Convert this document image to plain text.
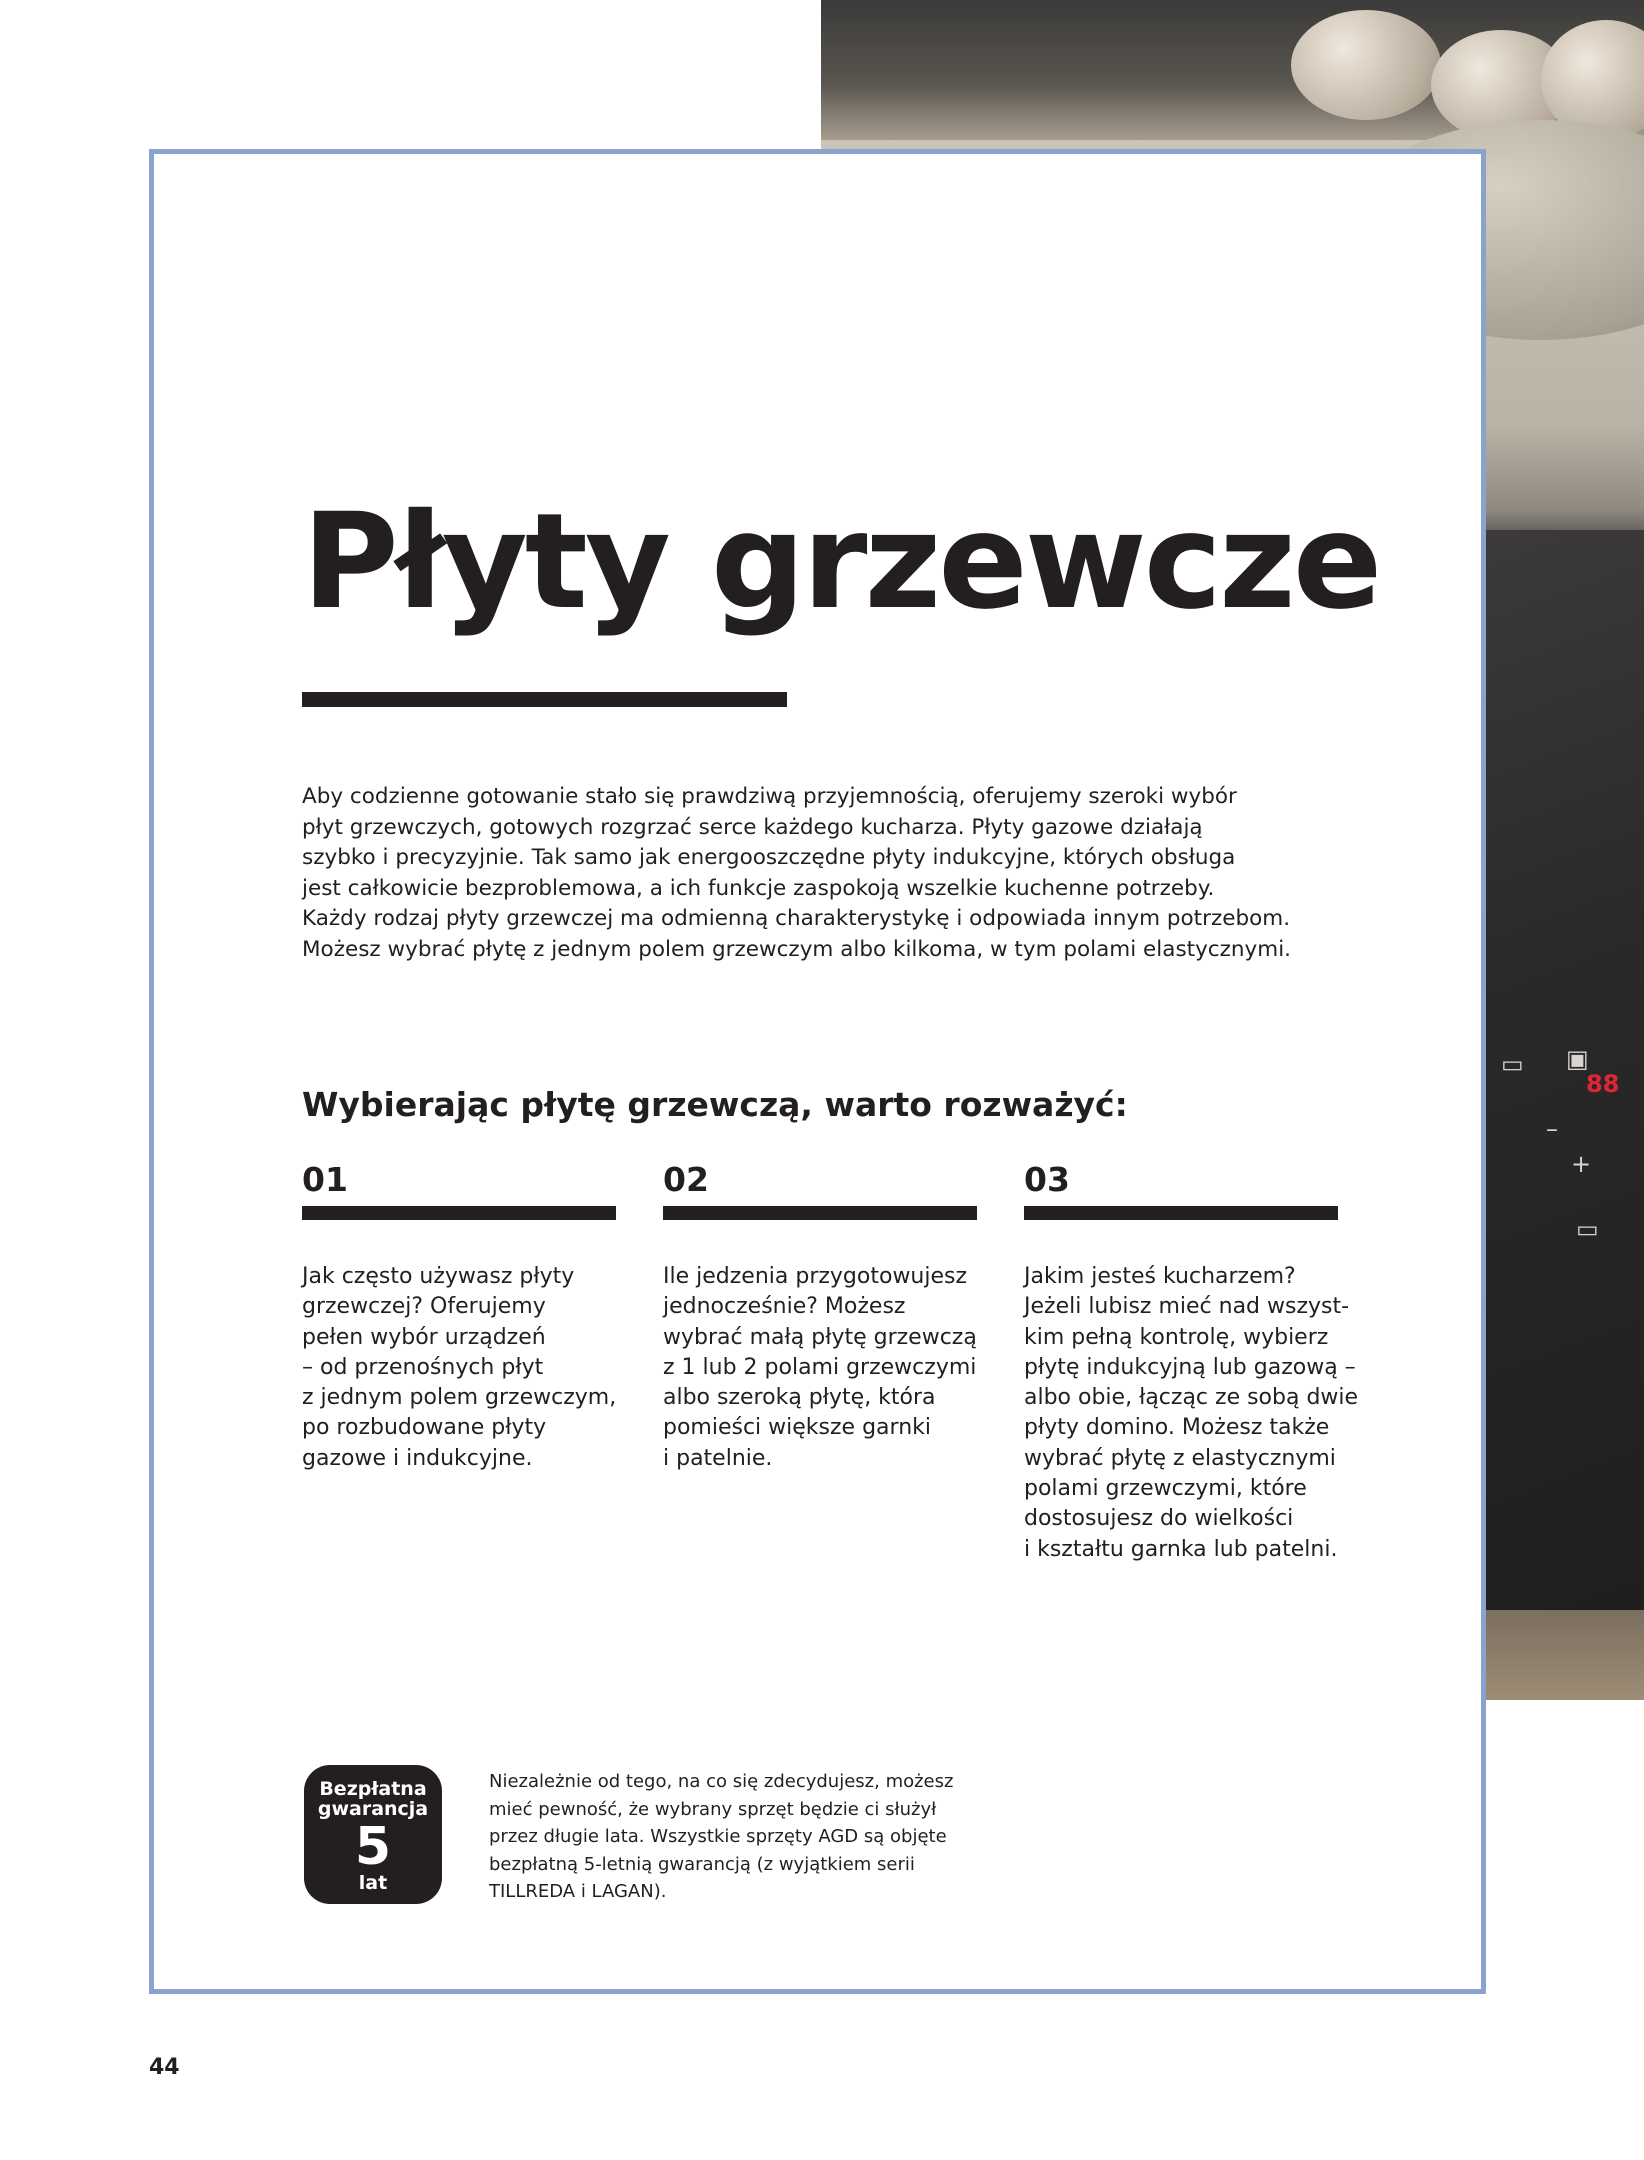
▭ ▣
88
–
+
▭
Płyty grzewcze

Aby codzienne gotowanie stało się prawdziwą przyjemnością, oferujemy szeroki wybór
płyt grzewczych, gotowych rozgrzać serce każdego kucharza. Płyty gazowe działają
szybko i precyzyjnie. Tak samo jak energooszczędne płyty indukcyjne, których obsługa
jest całkowicie bezproblemowa, a ich funkcje zaspokoją wszelkie kuchenne potrzeby.
Każdy rodzaj płyty grzewczej ma odmienną charakterystykę i odpowiada innym potrzebom.
Możesz wybrać płytę z jednym polem grzewczym albo kilkoma, w tym polami elastycznymi.

Wybierając płytę grzewczą, warto rozważyć:
01
Jak często używasz płyty
grzewczej? Oferujemy
pełen wybór urządzeń
– od przenośnych płyt
z jednym polem grzewczym,
po rozbudowane płyty
gazowe i indukcyjne.
02
Ile jedzenia przygotowujesz
jednocześnie? Możesz
wybrać małą płytę grzewczą
z 1 lub 2 polami grzewczymi
albo szeroką płytę, która
pomieści większe garnki
i patelnie.
03
Jakim jesteś kucharzem?
Jeżeli lubisz mieć nad wszyst-
kim pełną kontrolę, wybierz
płytę indukcyjną lub gazową –
albo obie, łącząc ze sobą dwie
płyty domino. Możesz także
wybrać płytę z elastycznymi
polami grzewczymi, które
dostosujesz do wielkości
i kształtu garnka lub patelni.
Bezpłatna
gwarancja
5
lat

Niezależnie od tego, na co się zdecydujesz, możesz
mieć pewność, że wybrany sprzęt będzie ci służył
przez długie lata. Wszystkie sprzęty AGD są objęte
bezpłatną 5-letnią gwarancją (z wyjątkiem serii
TILLREDA i LAGAN).

44
